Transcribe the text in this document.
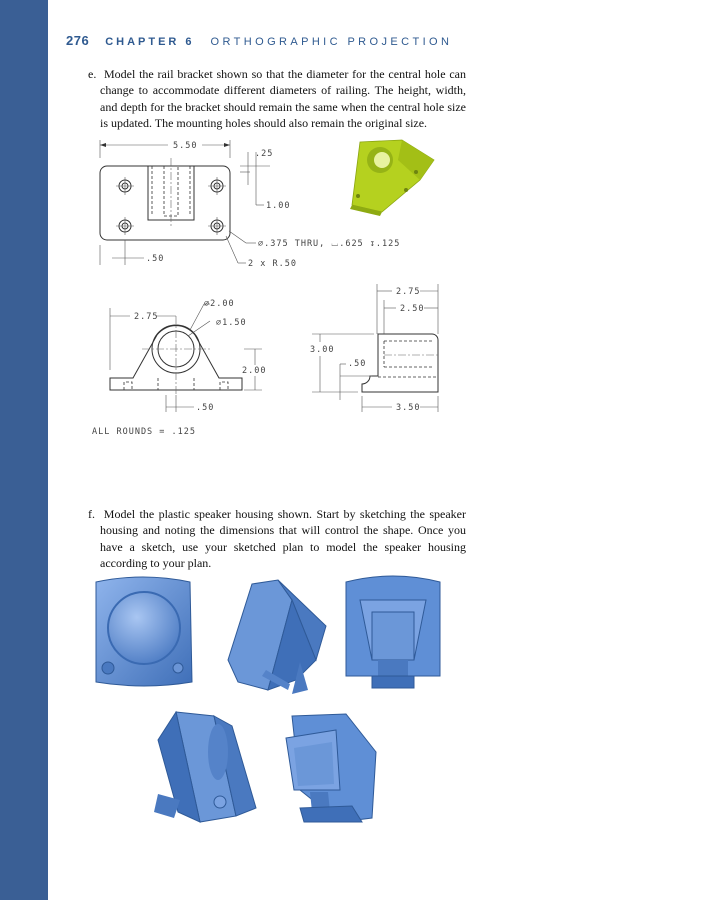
276 CHAPTER 6 ORTHOGRAPHIC PROJECTION
e.  Model the rail bracket shown so that the diameter for the central hole can change to accommodate different diameters of railing. The height, width, and depth for the bracket should remain the same when the central hole size is updated. The mounting holes should also remain the original size.
5.50
.25
1.00
⌀.375 THRU, ⌴.625 ↧.125
.50	2 x R.50
2.75
⌀2.00
⌀1.50
2.00
.50
2.75
2.50
3.00
.50
3.50
ALL ROUNDS = .125
f.  Model the plastic speaker housing shown. Start by sketching the speaker housing and noting the dimensions that will control the shape. Once you have a sketch, use your sketched plan to model the speaker housing according to your plan.
